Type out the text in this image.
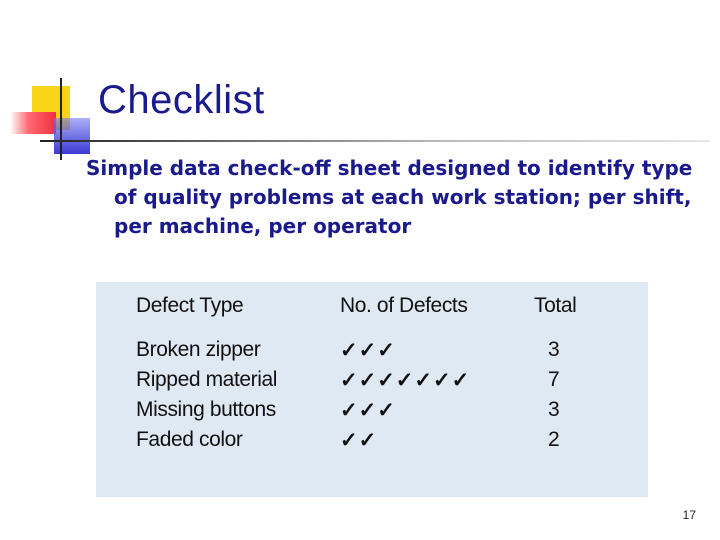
Checklist

Simple data check-off sheet designed to identify type of quality problems at each work station; per shift, per machine, per operator

Defect Type	No. of Defects	Total
Broken zipper	✓✓✓	3
Ripped material	✓✓✓✓✓✓✓	7
Missing buttons	✓✓✓	3
Faded color	✓✓	2
17
